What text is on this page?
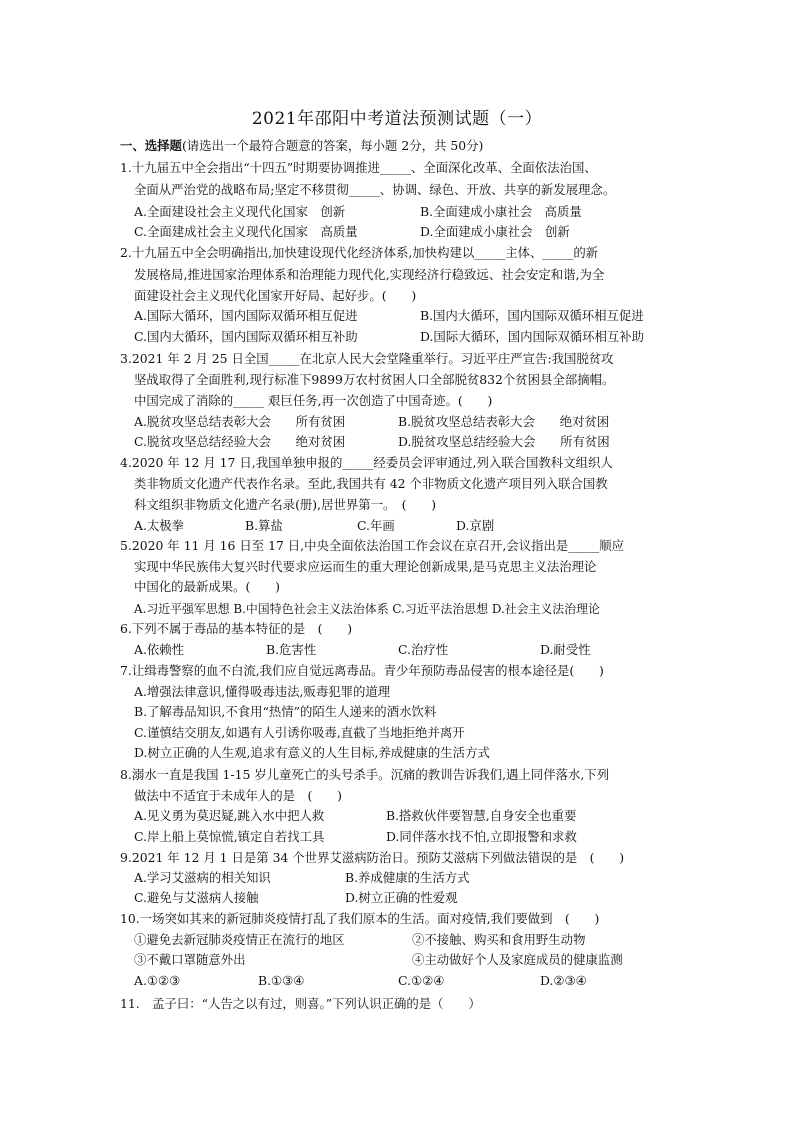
2021年邵阳中考道法预测试题（一）
一、选择题(请选出一个最符合题意的答案，每小题 2分，共 50分)
1.十九届五中全会指出“十四五”时期要协调推进_____、全面深化改革、全面依法治国、
全面从严治党的战略布局;坚定不移贯彻_____、协调、绿色、开放、共享的新发展理念。
A.全面建设社会主义现代化国家　创新	B.全面建成小康社会　高质量
C.全面建成社会主义现代化国家　高质量	D.全面建成小康社会　创新
2.十九届五中全会明确指出,加快建设现代化经济体系,加快构建以_____主体、_____的新
发展格局,推进国家治理体系和治理能力现代化,实现经济行稳致远、社会安定和谐,为全
面建设社会主义现代化国家开好局、起好步。(　　)
A.国际大循环，国内国际双循环相互促进	B.国内大循环，国内国际双循环相互促进
C.国内大循环，国内国际双循环相互补助	D.国际大循环，国内国际双循环相互补助
3.2021 年 2 月 25 日全国_____在北京人民大会堂隆重举行。习近平庄严宣告:我国脱贫攻
坚战取得了全面胜利,现行标准下9899万农村贫困人口全部脱贫832个贫困县全部摘帽。
中国完成了消除的_____ 艰巨任务,再一次创造了中国奇迹。(　　)
A.脱贫攻坚总结表彰大会　　所有贫困	B.脱贫攻坚总结表彰大会　　绝对贫困
C.脱贫攻坚总结经验大会　　绝对贫困	D.脱贫攻坚总结经验大会　　所有贫困
4.2020 年 12 月 17 日,我国单独申报的_____经委员会评审通过,列入联合国教科文组织人
类非物质文化遗产代表作名录。至此,我国共有 42 个非物质文化遗产项目列入联合国教
科文组织非物质文化遗产名录(册),居世界第一。　(　　)
A.太极拳	B.算盐	C.年画	D.京剧
5.2020 年 11 月 16 日至 17 日,中央全面依法治国工作会议在京召开,会议指出是_____顺应
实现中华民族伟大复兴时代要求应运而生的重大理论创新成果,是马克思主义法治理论
中国化的最新成果。(　　)
A.习近平强军思想 B.中国特色社会主义法治体系 C.习近平法治思想 D.社会主义法治理论
6.下列不属于毒品的基本特征的是　(　　)
A.依赖性	B.危害性	C.治疗性	D.耐受性
7.让缉毒警察的血不白流,我们应自觉远离毒品。青少年预防毒品侵害的根本途径是(　　)
A.增强法律意识,懂得吸毒违法,贩毒犯罪的道理
B.了解毒品知识,不食用“热情”的陌生人递来的酒水饮料
C.谨慎结交朋友,如遇有人引诱你吸毒,直截了当地拒绝并离开
D.树立正确的人生观,追求有意义的人生目标,养成健康的生活方式
8.溺水一直是我国 1-15 岁儿童死亡的头号杀手。沉痛的教训告诉我们,遇上同伴落水,下列
做法中不适宜于未成年人的是　(　　)
A.见义勇为莫迟疑,跳入水中把人救	B.搭救伙伴要智慧,自身安全也重要
C.岸上船上莫惊慌,镇定自若找工具	D.同伴落水找不怕,立即报警和求救
9.2021 年 12 月 1 日是第 34 个世界艾滋病防治日。预防艾滋病下列做法错误的是　(　　)
A.学习艾滋病的相关知识	B.养成健康的生活方式
C.避免与艾滋病人接触	D.树立正确的性爱观
10.一场突如其来的新冠肺炎疫情打乱了我们原本的生活。面对疫情,我们要做到　(　　)
①避免去新冠肺炎疫情正在流行的地区	②不接触、购买和食用野生动物
③不戴口罩随意外出	④主动做好个人及家庭成员的健康监测
A.①②③	B.①③④	C.①②④	D.②③④
11.　孟子曰：“人告之以有过，则喜。”下列认识正确的是（　　）
